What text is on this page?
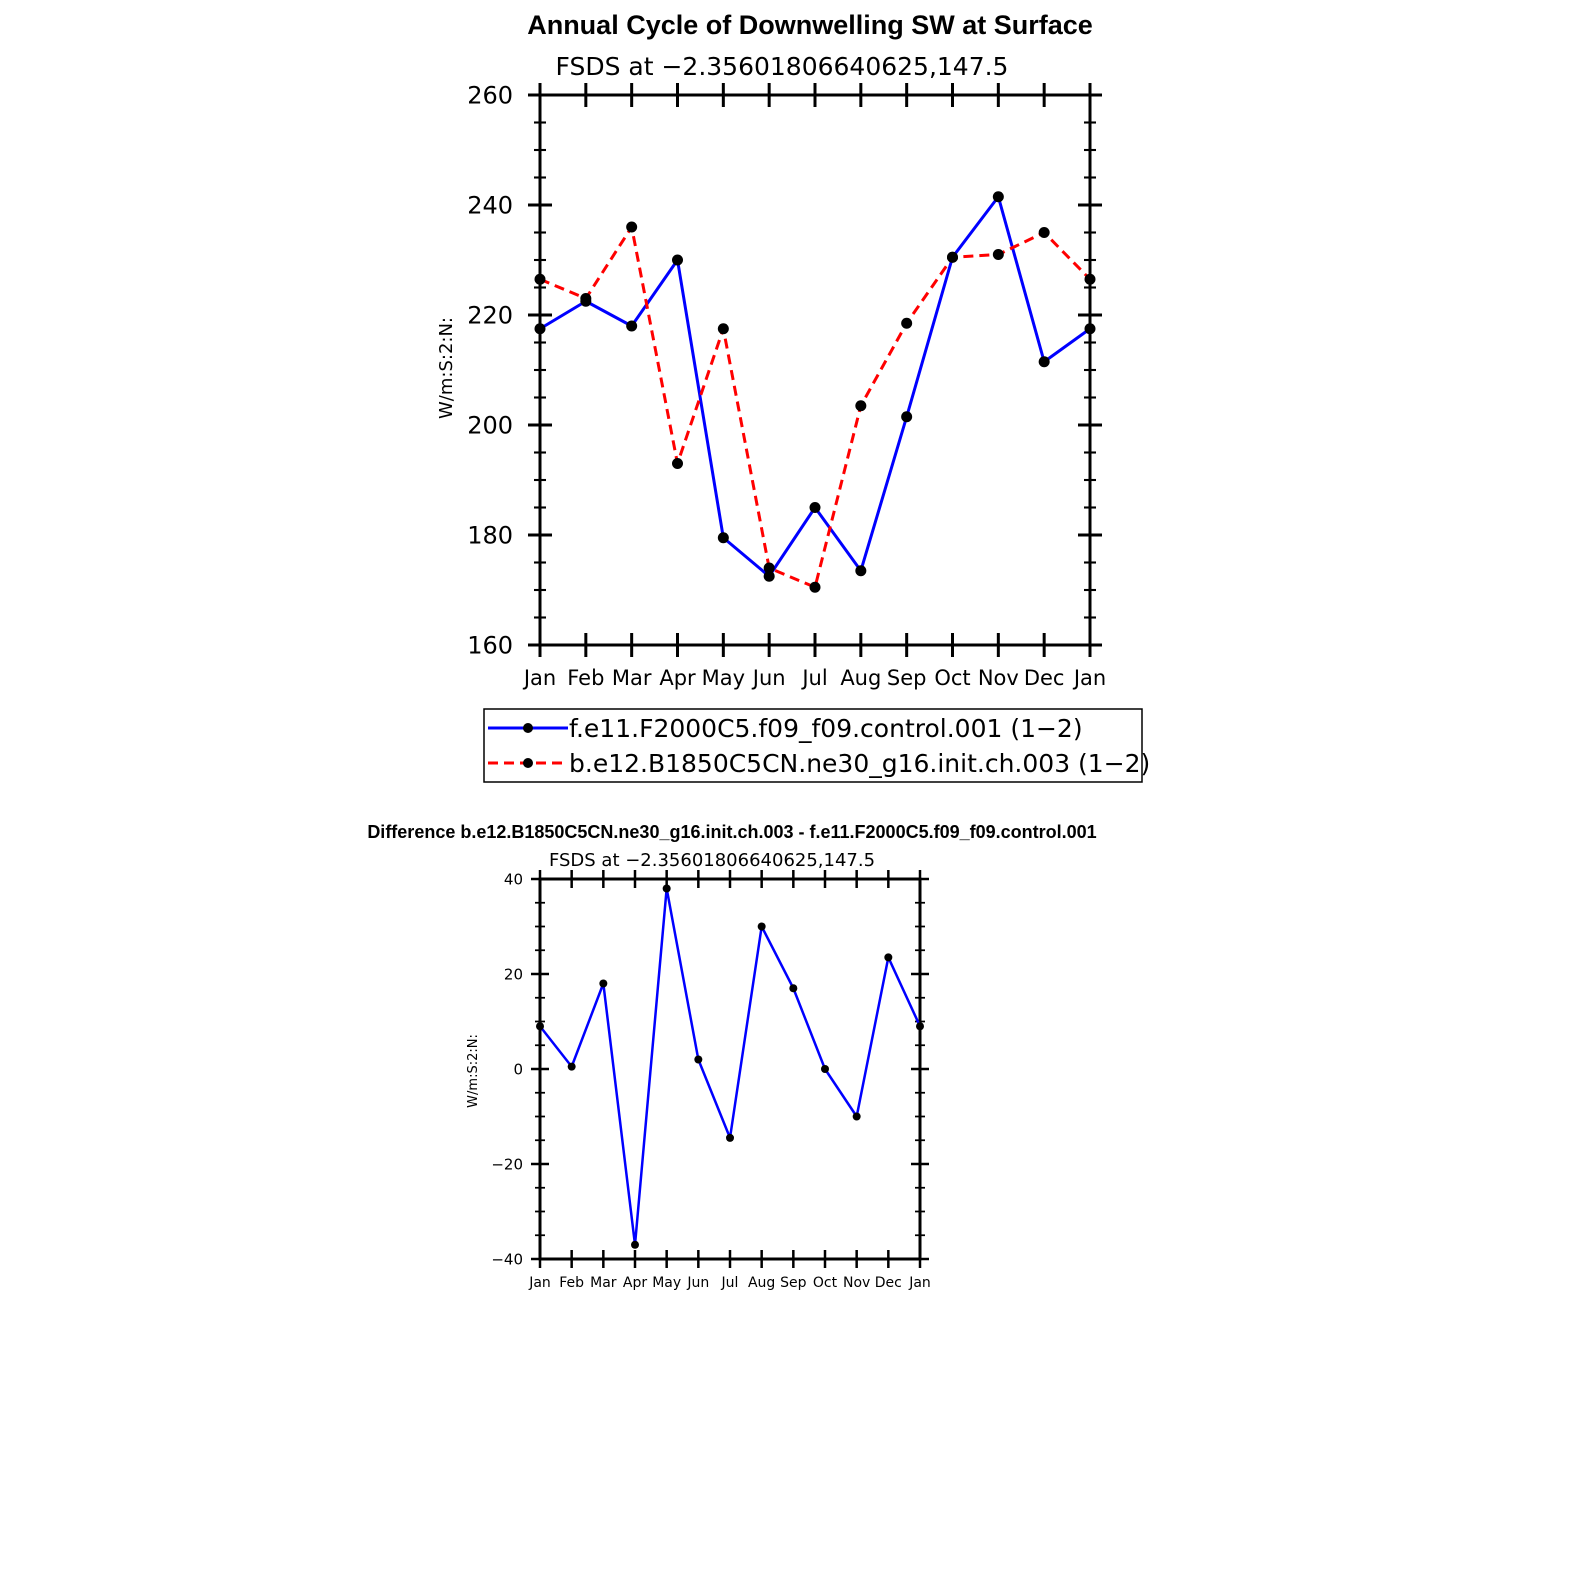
Annual Cycle of Downwelling SW at Surface
FSDS at −2.35601806640625,147.5
W/m:S:2:N:
160
180
200
220
240
260
Jan Feb Mar Apr May Jun Jul Aug Sep Oct Nov Dec Jan
f.e11.F2000C5.f09_f09.control.001 (1−2)
b.e12.B1850C5CN.ne30_g16.init.ch.003 (1−2)
Difference b.e12.B1850C5CN.ne30_g16.init.ch.003 - f.e11.F2000C5.f09_f09.control.001
FSDS at −2.35601806640625,147.5
W/m:S:2:N:
−40
−20
0
20
40
Jan Feb Mar Apr May Jun Jul Aug Sep Oct Nov Dec Jan
